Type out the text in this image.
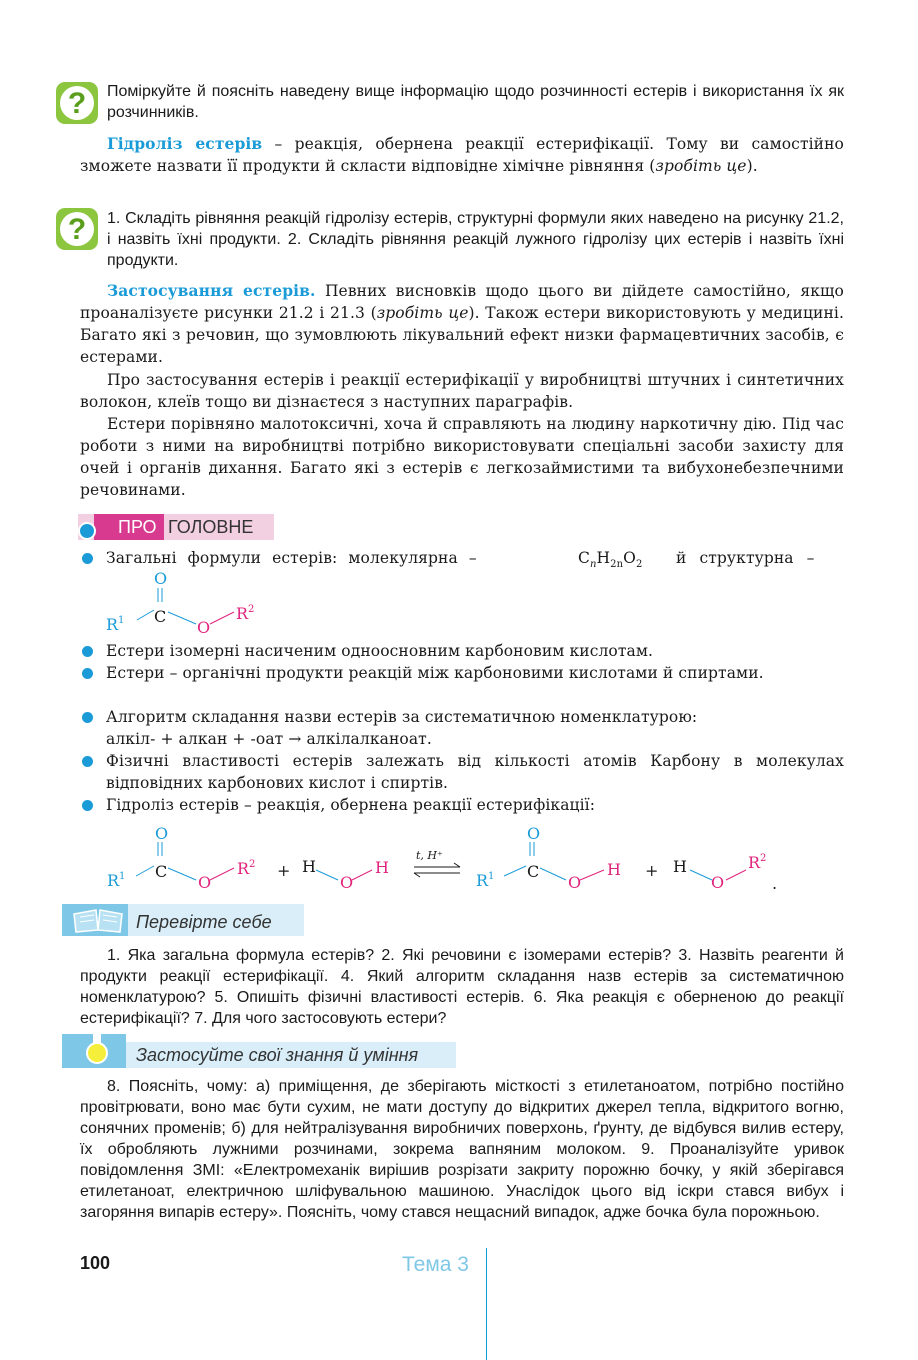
?	Поміркуйте й поясніть наведену вище інформацію щодо розчинності естерів і використання їх як розчинників.
Гідроліз естерів – реакція, обернена реакції естерифікації. Тому ви самостійно зможете назвати її продукти й скласти відповідне хімічне рівняння (зробіть це).
?	1. Складіть рівняння реакцій гідролізу естерів, структурні формули яких наведено на рисунку 21.2, і назвіть їхні продукти. 2. Складіть рівняння реакцій лужного гідролізу цих естерів і назвіть їхні продукти.
Застосування естерів. Певних висновків щодо цього ви дійдете самостійно, якщо проаналізуєте рисунки 21.2 і 21.3 (зробіть це). Також естери використовують у медицині. Багато які з речовин, що зумовлюють лікувальний ефект низки фармацевтичних засобів, є естерами.
Про застосування естерів і реакції естерифікації у виробництві штучних і синтетичних волокон, клеїв тощо ви дізнаєтеся з наступних параграфів.
Естери порівняно малотоксичні, хоча й справляють на людину наркотичну дію. Під час роботи з ними на виробництві потрібно використовувати спеціальні засоби захисту для очей і органів дихання. Багато які з естерів є легкозаймистими та вибухонебезпечними речовинами.
ПРО ГОЛОВНЕ
Загальні формули естерів: молекулярна –	$C_nH_{2n}O_2$ й структурна –
O
C
$R^1$	O
$R^2$
Естери ізомерні насиченим одноосновним карбоновим кислотам.
Естери – органічні продукти реакцій між карбоновими кислотами й спиртами.
Алгоритм складання назви естерів за систематичною номенклатурою:
алкіл- + алкан + -оат → алкілалканоат.
Фізичні властивості естерів залежать від кількості атомів Карбону в молекулах відповідних карбонових кислот і спиртів.
Гідроліз естерів – реакція, обернена реакції естерифікації:
O
C
$R^1$	O
$R^2 + H$
O
H
t, H⁺
O
C
$R^1$	O
H + H
O
$R^2$
.
Перевірте себе
1. Яка загальна формула естерів? 2. Які речовини є ізомерами естерів? 3. Назвіть реагенти й продукти реакції естерифікації. 4. Який алгоритм складання назв естерів за систематичною номенклатурою? 5. Опишіть фізичні властивості естерів. 6. Яка реакція є оберненою до реакції естерифікації? 7. Для чого застосовують естери?
Застосуйте свої знання й уміння
8. Поясніть, чому: а) приміщення, де зберігають місткості з етилетаноатом, потрібно постійно провітрювати, воно має бути сухим, не мати доступу до відкритих джерел тепла, відкритого вогню, сонячних променів; б) для нейтралізування виробничих поверхонь, ґрунту, де відбувся вилив естеру, їх обробляють лужними розчинами, зокрема вапняним молоком. 9. Проаналізуйте уривок повідомлення ЗМІ: «Електромеханік вирішив розрізати закриту порожню бочку, у якій зберігався етилетаноат, електричною шліфувальною машиною. Унаслідок цього від іскри стався вибух і загоряння випарів естеру». Поясніть, чому стався нещасний випадок, адже бочка була порожньою.
100	Тема 3
